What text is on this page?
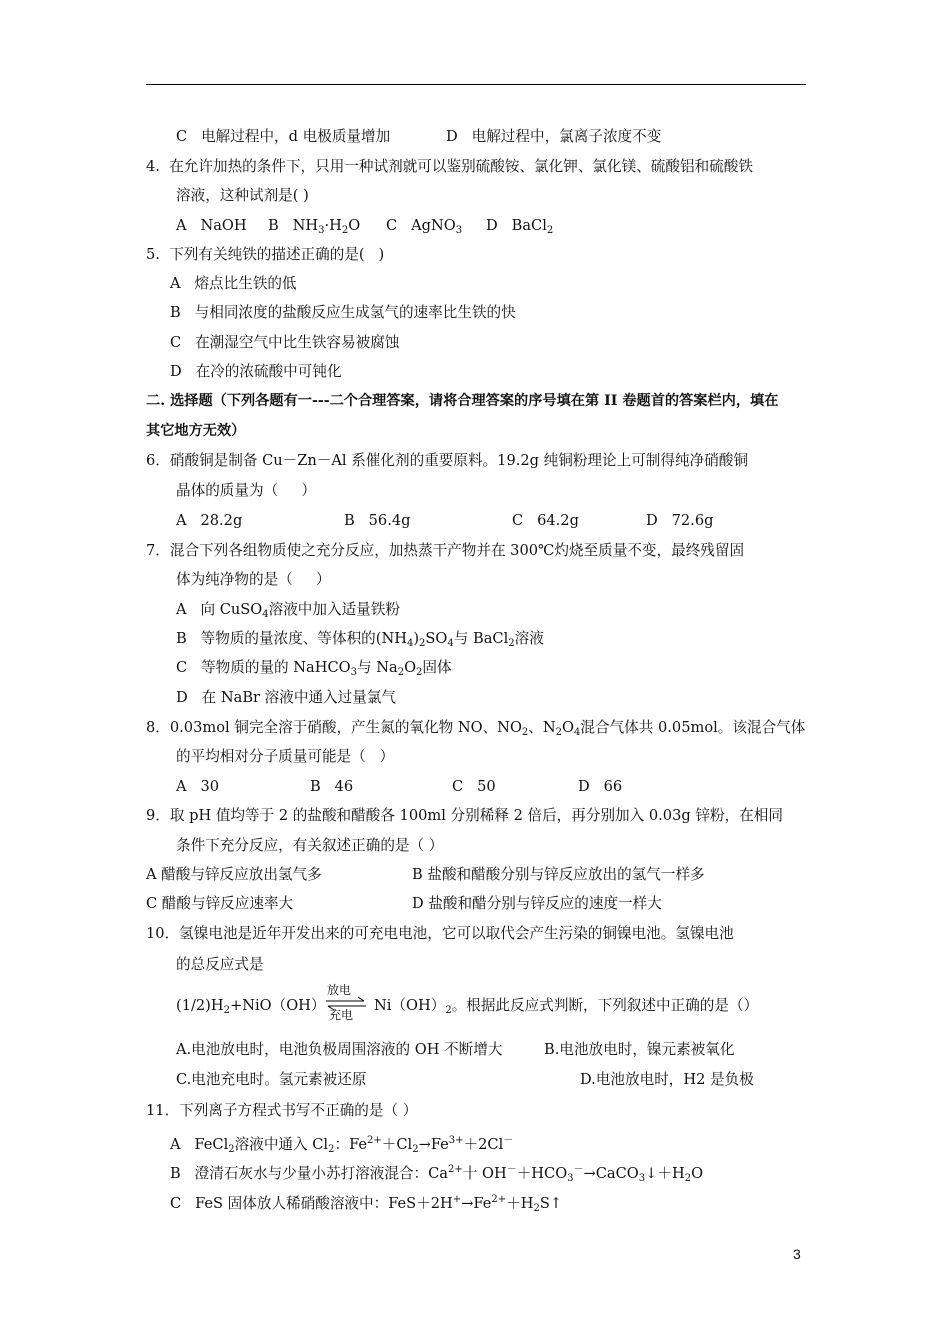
C   电解过程中，d 电极质量增加	D   电解过程中，氯离子浓度不变
4.  在允许加热的条件下，只用一种试剂就可以鉴别硫酸铵、氯化钾、氯化镁、硫酸铝和硫酸铁
溶液，这种试剂是( )
A   NaOH B   $NH_3\cdot H_2O$ C   AgNO$_3$ D   BaCl$_2$
5.  下列有关纯铁的描述正确的是(   )
A   熔点比生铁的低
B   与相同浓度的盐酸反应生成氢气的速率比生铁的快
C   在潮湿空气中比生铁容易被腐蚀
D   在冷的浓硫酸中可钝化
二. 选择题（下列各题有一---二个合理答案，请将合理答案的序号填在第 II 卷题首的答案栏内，填在
其它地方无效）
6．硝酸铜是制备 Cu－Zn－Al 系催化剂的重要原料。19.2g 纯铜粉理论上可制得纯净硝酸铜
晶体的质量为（     ）
A   28.2g	B   56.4g	C   64.2g	D   72.6g
7．混合下列各组物质使之充分反应，加热蒸干产物并在 300℃灼烧至质量不变，最终残留固
体为纯净物的是（     ）
A   向 CuSO$_4$溶液中加入适量铁粉
B   等物质的量浓度、等体积的$(NH_4)_2SO_4$与 BaCl$_2$溶液
C   等物质的量的 NaHCO$_3$与 $Na_2O_2$固体
D   在 NaBr 溶液中通入过量氯气
8．0.03mol 铜完全溶于硝酸，产生氮的氧化物 NO、$NO_2$、$N_2O_4$混合气体共 0.05mol。该混合气体
的平均相对分子质量可能是（   ）
A   30	B   46	C   50	D   66
9．取 pH 值均等于 2 的盐酸和醋酸各 100ml 分别稀释 2 倍后，再分别加入 0.03g 锌粉，在相同
条件下充分反应，有关叙述正确的是（ ）
A 醋酸与锌反应放出氢气多	B 盐酸和醋酸分别与锌反应放出的氢气一样多
C 醋酸与锌反应速率大	D 盐酸和醋分别与锌反应的速度一样大
10．氢镍电池是近年开发出来的可充电电池，它可以取代会产生污染的铜镍电池。氢镍电池
的总反应式是
$(1/2)H_2+NiO(OH)$
放电
充电
$Ni(OH)_2$。根据此反应式判断，下列叙述中正确的是（）
A.电池放电时，电池负极周围溶液的 OH 不断增大	B.电池放电时，镍元素被氧化
C.电池充电时。氢元素被还原	D.电池放电时，H2 是负极
11．下列离子方程式书写不正确的是（ ）
A   FeCl$_2$溶液中通入 $Cl_2$：$Fe^{2+}+Cl_2\to Fe^{3+}+2Cl^-$
B   澄清石灰水与少量小苏打溶液混合：$Ca^{2+}$十 $OH^-+HCO_3^-\to CaCO_3↓+H_2O$
C   FeS 固体放人稀硝酸溶液中：$FeS+2H^+\to Fe^{2+}+H_2S↑$
3
